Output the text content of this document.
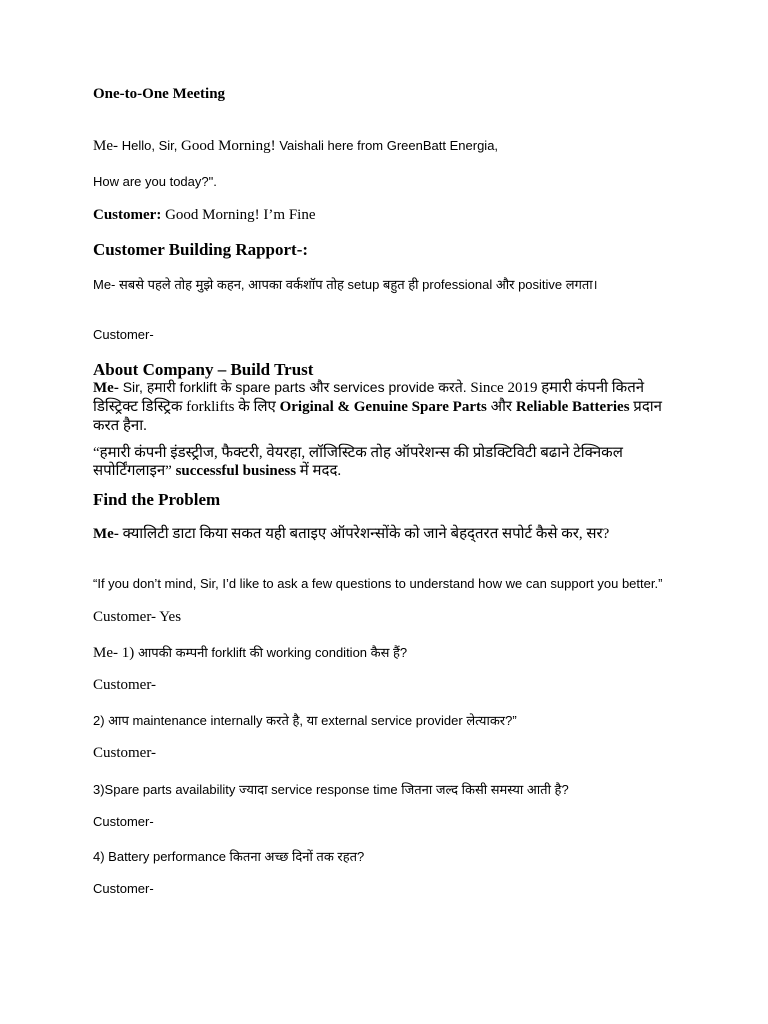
One-to-One Meeting
Me- Hello, Sir, Good Morning! Vaishali here from GreenBatt Energia,
How are you today?".
Customer: Good Morning! I’m Fine
Customer Building Rapport-:
Me- सबसे पहले तोह मुझे कहन, आपका वर्कशॉप तोह setup बहुत ही professional और positive लगता।
Customer-
About Company – Build Trust
Me- Sir, हमारी forklift के spare parts और services provide करते. Since 2019 हमारी कंपनी कितने डिस्ट्रिक्ट डिस्ट्रिक forklifts के लिए Original & Genuine Spare Parts और Reliable Batteries प्रदान करत हैना.
“हमारी कंपनी इंडस्ट्रीज, फैक्टरी, वेयरहा, लॉजिस्टिक तोह ऑपरेशन्स की प्रोडक्टिविटी बढाने टेक्निकल सपोर्टिंगलाइन” successful business में मदद.
Find the Problem
Me- क्यालिटी डाटा किया सकत यही बताइए ऑपरेशन्सोंके को जाने बेहद्तरत सपोर्ट कैसे कर, सर?
“If you don’t mind, Sir, I’d like to ask a few questions to understand how we can support you better.”
Customer- Yes
Me- 1) आपकी कम्पनी forklift की working condition कैस हैं?
Customer-
2) आप maintenance internally करते है, या external service provider लेत्याकर?”
Customer-
3)Spare parts availability ज्यादा service response time जितना जल्द किसी समस्या आती है?
Customer-
4) Battery performance कितना अच्छ दिनों तक रहत?
Customer-
